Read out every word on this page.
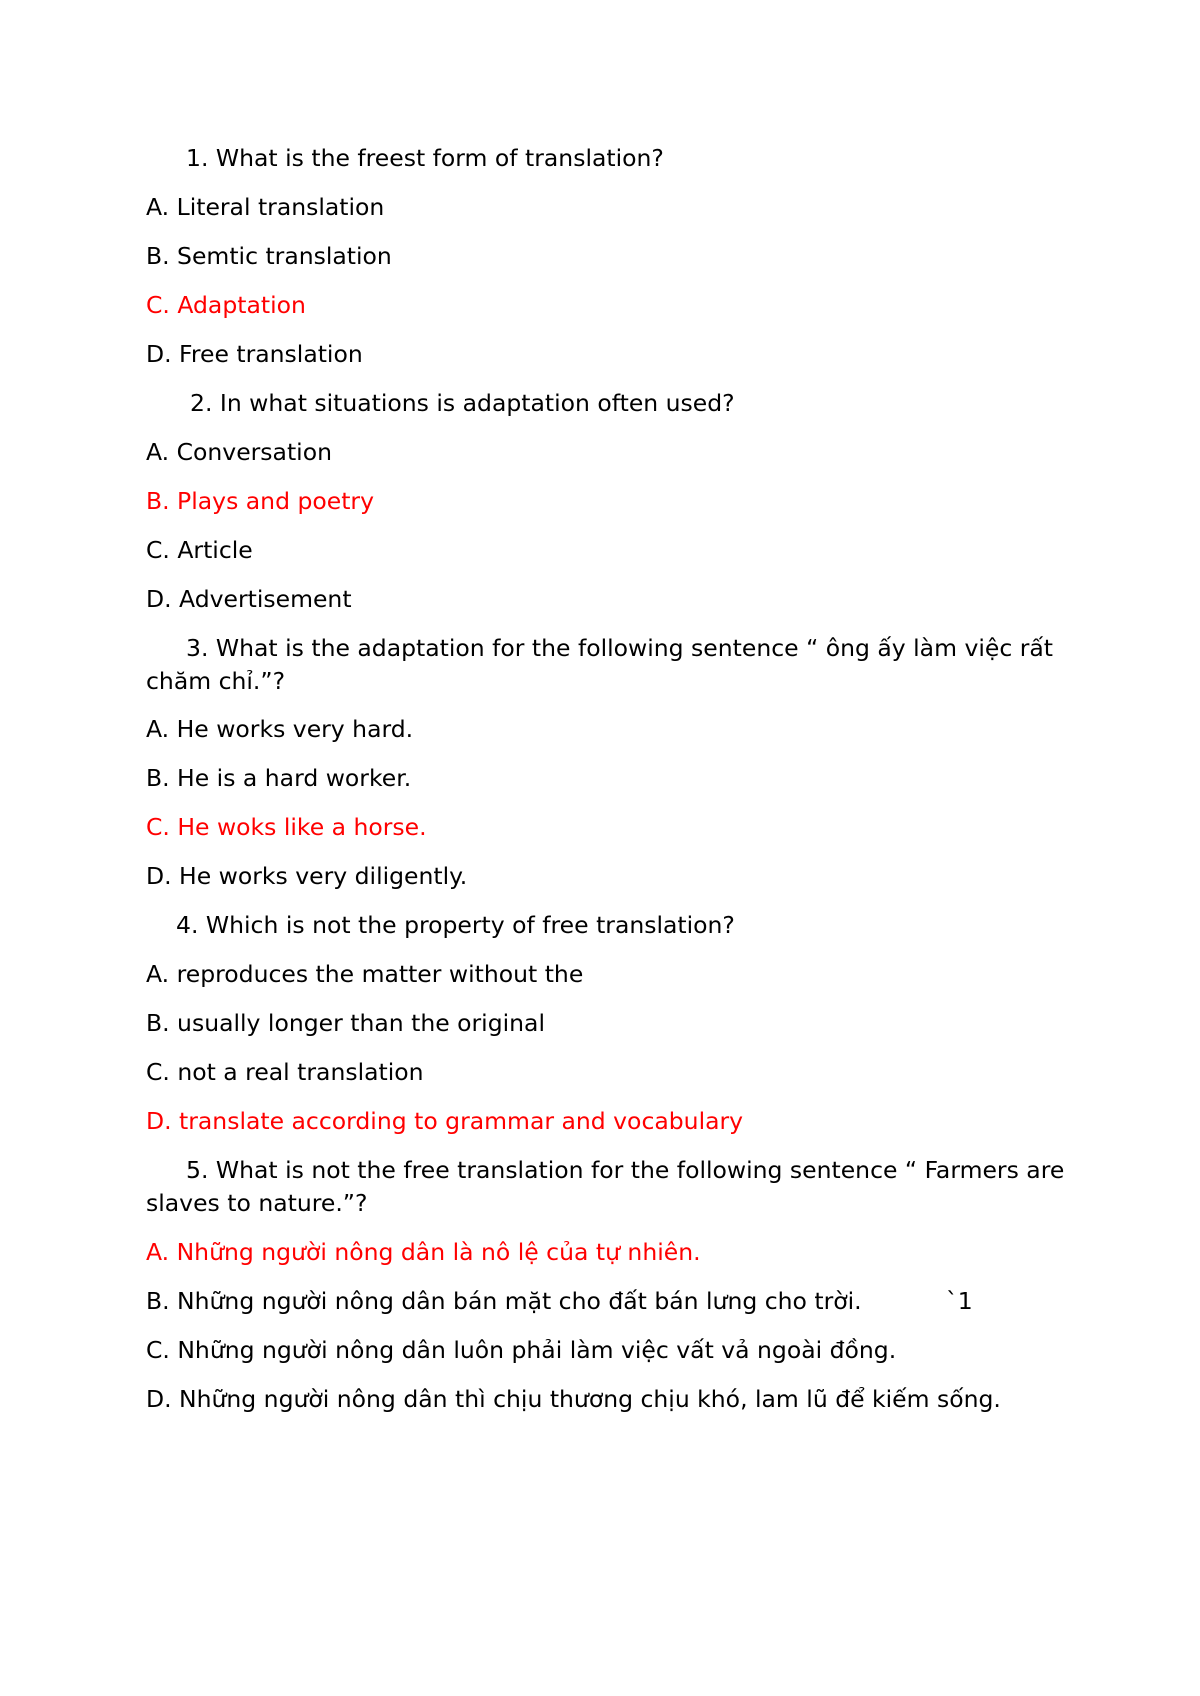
1. What is the freest form of translation?
A. Literal translation
B. Semtic translation
C. Adaptation
D. Free translation
2. In what situations is adaptation often used?
A. Conversation
B. Plays and poetry
C. Article
D. Advertisement
3. What is the adaptation for the following sentence “ ông ấy làm việc rất chăm chỉ.”?
A. He works very hard.
B. He is a hard worker.
C. He woks like a horse.
D. He works very diligently.
4. Which is not the property of free translation?
A. reproduces the matter without the
B. usually longer than the original
C. not a real translation
D. translate according to grammar and vocabulary
5. What is not the free translation for the following sentence “ Farmers are slaves to nature.”?
A. Những người nông dân là nô lệ của tự nhiên.
B. Những người nông dân bán mặt cho đất bán lưng cho trời.	`1
C. Những người nông dân luôn phải làm việc vất vả ngoài đồng.
D. Những người nông dân thì chịu thương chịu khó, lam lũ để kiếm sống.
